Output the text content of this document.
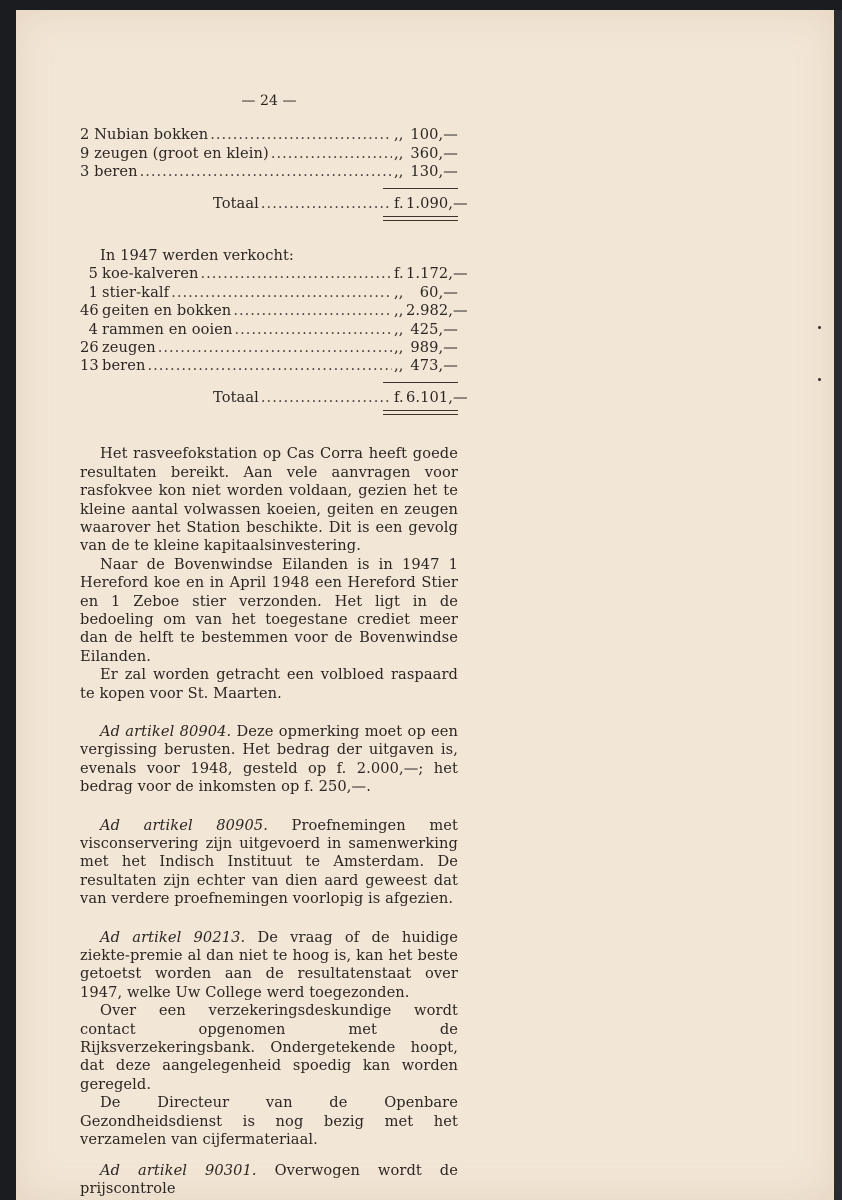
— 24 —
2 Nubian bokken .....	,, 100,—
9 zeugen (groot en klein) .....	,, 360,—
3 beren .....	,, 130,—
Totaal .....	f. 1.090,—
In 1947 werden verkocht:
5 koe-kalveren .....	f. 1.172,—
1 stier-kalf .....	,,	60,—
46 geiten en bokken .....	,, 2.982,—
4 rammen en ooien .....	,, 425,—
26 zeugen .....	,, 989,—
13 beren .....	,, 473,—
Totaal .....	f. 6.101,—

Het rasveefokstation op Cas Corra heeft goede resultaten bereikt. Aan vele aanvragen voor rasfokvee kon niet worden voldaan, gezien het te kleine aantal volwassen koeien, geiten en zeugen waarover het Station beschikte. Dit is een gevolg van de te kleine kapitaalsinvestering.

Naar de Bovenwindse Eilanden is in 1947 1 Hereford koe en in April 1948 een Hereford Stier en 1 Zeboe stier verzonden. Het ligt in de bedoeling om van het toegestane crediet meer dan de helft te bestemmen voor de Bovenwindse Eilanden.

Er zal worden getracht een volbloed raspaard te kopen voor St. Maarten.

Ad artikel 80904. Deze opmerking moet op een vergissing berusten. Het bedrag der uitgaven is, evenals voor 1948, gesteld op f. 2.000,—; het bedrag voor de inkomsten op f. 250,—.

Ad artikel 80905. Proefnemingen met visconservering zijn uitgevoerd in samenwerking met het Indisch Instituut te Amsterdam. De resultaten zijn echter van dien aard geweest dat van verdere proefnemingen voorlopig is afgezien.

Ad artikel 90213. De vraag of de huidige ziekte-premie al dan niet te hoog is, kan het beste getoetst worden aan de resultatenstaat over 1947, welke Uw College werd toegezonden.

Over een verzekeringsdeskundige wordt contact opgenomen met de Rijksverzekeringsbank. Ondergetekende hoopt, dat deze aangelegenheid spoedig kan worden geregeld.

De Directeur van de Openbare Gezondheidsdienst is nog bezig met het verzamelen van cijfermateriaal.

Ad artikel 90301. Overwogen wordt de prijscontrole
